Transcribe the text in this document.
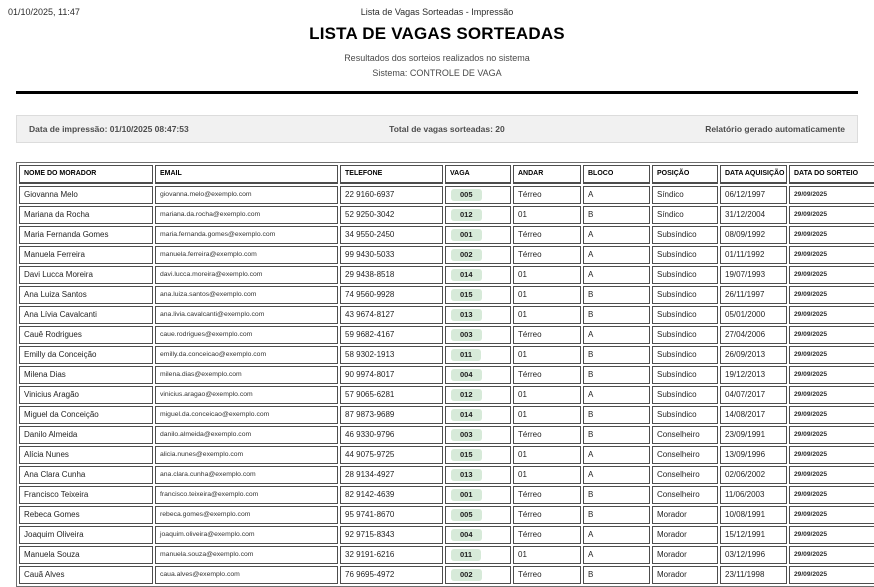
01/10/2025, 11:47	Lista de Vagas Sorteadas - Impressão
LISTA DE VAGAS SORTEADAS
Resultados dos sorteios realizados no sistema
Sistema: CONTROLE DE VAGA
Data de impressão: 01/10/2025 08:47:53	Total de vagas sorteadas: 20	Relatório gerado automaticamente
NOME DO MORADOR	EMAIL	TELEFONE	VAGA	ANDAR	BLOCO	POSIÇÃO	DATA AQUISIÇÃO	DATA DO SORTEIO
Giovanna Melo	giovanna.melo@exemplo.com	22 9160-6937	005	Térreo	A	Síndico	06/12/1997	29/09/2025
Mariana da Rocha	mariana.da.rocha@exemplo.com	52 9250-3042	012	01	B	Síndico	31/12/2004	29/09/2025
Maria Fernanda Gomes	maria.fernanda.gomes@exemplo.com	34 9550-2450	001	Térreo	A	Subsíndico	08/09/1992	29/09/2025
Manuela Ferreira	manuela.ferreira@exemplo.com	99 9430-5033	002	Térreo	A	Subsíndico	01/11/1992	29/09/2025
Davi Lucca Moreira	davi.lucca.moreira@exemplo.com	29 9438-8518	014	01	A	Subsíndico	19/07/1993	29/09/2025
Ana Luiza Santos	ana.luiza.santos@exemplo.com	74 9560-9928	015	01	B	Subsíndico	26/11/1997	29/09/2025
Ana Lívia Cavalcanti	ana.livia.cavalcanti@exemplo.com	43 9674-8127	013	01	B	Subsíndico	05/01/2000	29/09/2025
Cauê Rodrigues	caue.rodrigues@exemplo.com	59 9682-4167	003	Térreo	A	Subsíndico	27/04/2006	29/09/2025
Emilly da Conceição	emilly.da.conceicao@exemplo.com	58 9302-1913	011	01	B	Subsíndico	26/09/2013	29/09/2025
Milena Dias	milena.dias@exemplo.com	90 9974-8017	004	Térreo	B	Subsíndico	19/12/2013	29/09/2025
Vinicius Aragão	vinicius.aragao@exemplo.com	57 9065-6281	012	01	A	Subsíndico	04/07/2017	29/09/2025
Miguel da Conceição	miguel.da.conceicao@exemplo.com	87 9873-9689	014	01	B	Subsíndico	14/08/2017	29/09/2025
Danilo Almeida	danilo.almeida@exemplo.com	46 9330-9796	003	Térreo	B	Conselheiro	23/09/1991	29/09/2025
Alícia Nunes	alicia.nunes@exemplo.com	44 9075-9725	015	01	A	Conselheiro	13/09/1996	29/09/2025
Ana Clara Cunha	ana.clara.cunha@exemplo.com	28 9134-4927	013	01	A	Conselheiro	02/06/2002	29/09/2025
Francisco Teixeira	francisco.teixeira@exemplo.com	82 9142-4639	001	Térreo	B	Conselheiro	11/06/2003	29/09/2025
Rebeca Gomes	rebeca.gomes@exemplo.com	95 9741-8670	005	Térreo	B	Morador	10/08/1991	29/09/2025
Joaquim Oliveira	joaquim.oliveira@exemplo.com	92 9715-8343	004	Térreo	A	Morador	15/12/1991	29/09/2025
Manuela Souza	manuela.souza@exemplo.com	32 9191-6216	011	01	A	Morador	03/12/1996	29/09/2025
Cauã Alves	caua.alves@exemplo.com	76 9695-4972	002	Térreo	B	Morador	23/11/1998	29/09/2025
